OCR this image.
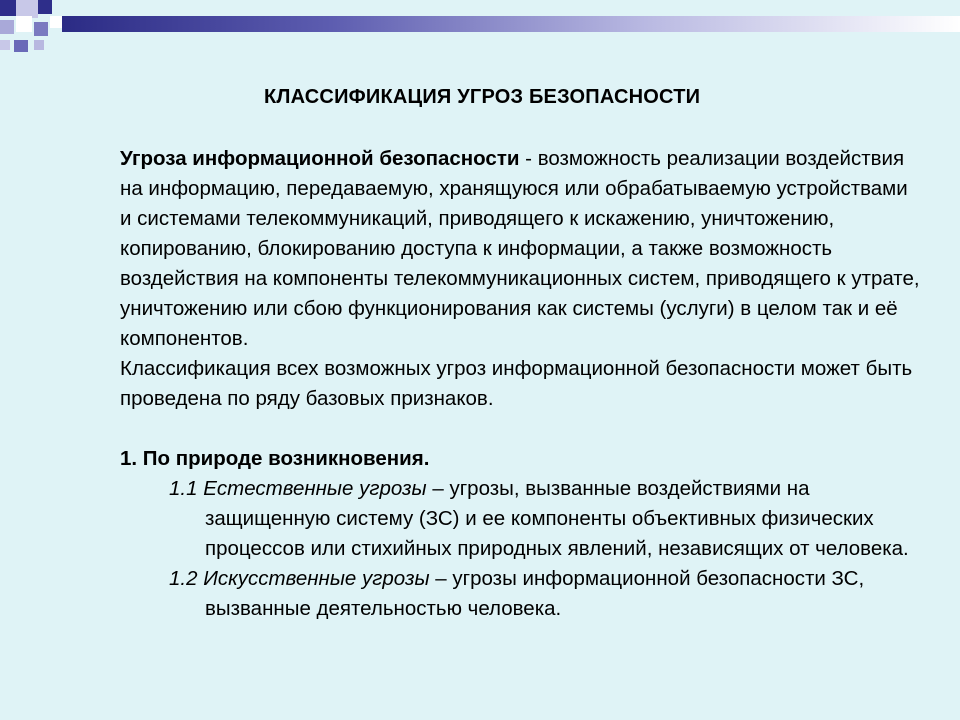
КЛАССИФИКАЦИЯ УГРОЗ БЕЗОПАСНОСТИ

Угроза информационной безопасности - возможность реализации воздействия на информацию, передаваемую, хранящуюся или обрабатываемую устройствами и системами телекоммуникаций, приводящего к искажению, уничтожению, копированию, блокированию доступа к информации, а также возможность воздействия на компоненты телекоммуникационных систем, приводящего к утрате, уничтожению или сбою функционирования как системы (услуги) в целом так и её компонентов.

Классификация всех возможных угроз информационной безопасности может быть проведена по ряду базовых признаков.

1. По природе возникновения.

1.1 Естественные угрозы – угрозы, вызванные воздействиями на защищенную систему (ЗС) и ее компоненты объективных физических процессов или стихийных природных явлений, независящих от человека.

1.2 Искусственные угрозы – угрозы информационной безопасности ЗС, вызванные деятельностью человека.
